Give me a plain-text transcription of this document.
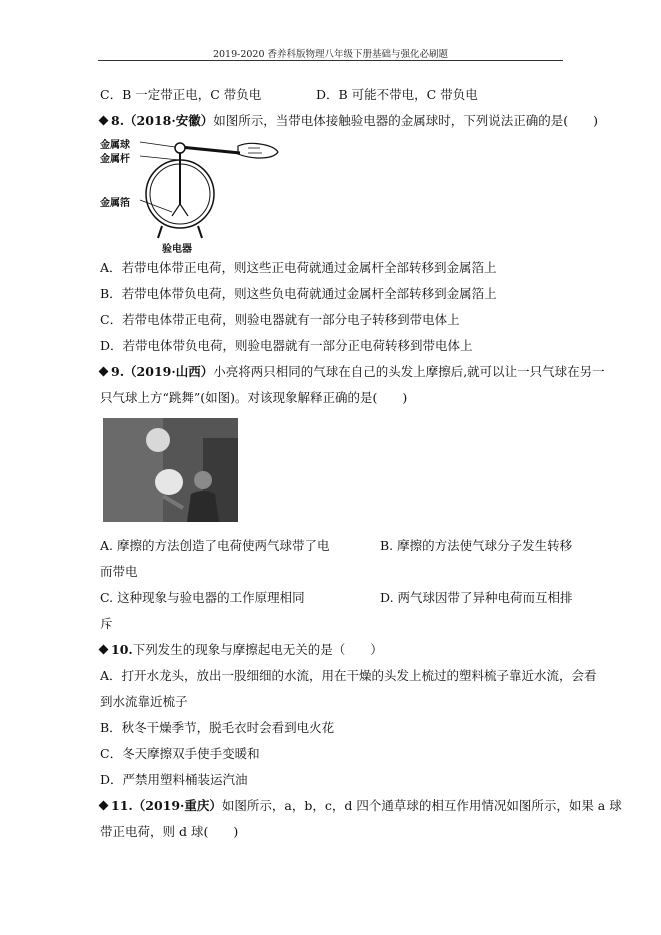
2019-2020 香养科版物理八年级下册基础与强化必刷题
C．B 一定带正电，C 带负电	D．B 可能不带电，C 带负电
8.（2018·安徽）如图所示，当带电体接触验电器的金属球时，下列说法正确的是(　　)
金属球
金属杆
金属箔
验电器
A．若带电体带正电荷，则这些正电荷就通过金属杆全部转移到金属箔上
B．若带电体带负电荷，则这些负电荷就通过金属杆全部转移到金属箔上
C．若带电体带正电荷，则验电器就有一部分电子转移到带电体上
D．若带电体带负电荷，则验电器就有一部分正电荷转移到带电体上
9.（2019·山西）小亮将两只相同的气球在自己的头发上摩擦后,就可以让一只气球在另一
只气球上方“跳舞”(如图)。对该现象解释正确的是(　　)
A. 摩擦的方法创造了电荷使两气球带了电	B. 摩擦的方法使气球分子发生转移
而带电
C. 这种现象与验电器的工作原理相同	D. 两气球因带了异种电荷而互相排
斥
10.下列发生的现象与摩擦起电无关的是（　　）
A．打开水龙头，放出一股细细的水流，用在干燥的头发上梳过的塑料梳子靠近水流，会看
到水流靠近梳子
B．秋冬干燥季节，脱毛衣时会看到电火花
C．冬天摩擦双手使手变暖和
D．严禁用塑料桶装运汽油
11.（2019·重庆）如图所示，a，b，c，d 四个通草球的相互作用情况如图所示，如果 a 球
带正电荷，则 d 球(　　)
